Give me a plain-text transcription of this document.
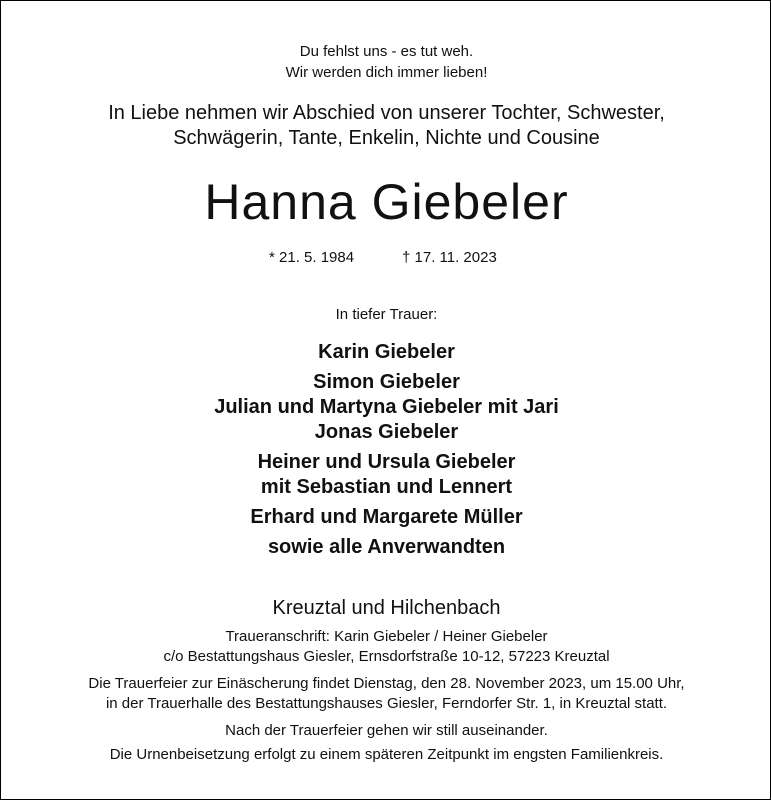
Du fehlst uns - es tut weh.
Wir werden dich immer lieben!
In Liebe nehmen wir Abschied von unserer Tochter, Schwester,
Schwägerin, Tante, Enkelin, Nichte und Cousine
Hanna Giebeler
* 21. 5. 1984	† 17. 11. 2023
In tiefer Trauer:
Karin Giebeler
Simon Giebeler
Julian und Martyna Giebeler mit Jari
Jonas Giebeler
Heiner und Ursula Giebeler
mit Sebastian und Lennert
Erhard und Margarete Müller
sowie alle Anverwandten
Kreuztal und Hilchenbach
Traueranschrift: Karin Giebeler / Heiner Giebeler
c/o Bestattungshaus Giesler, Ernsdorfstraße 10-12, 57223 Kreuztal
Die Trauerfeier zur Einäscherung findet Dienstag, den 28. November 2023, um 15.00 Uhr,
in der Trauerhalle des Bestattungshauses Giesler, Ferndorfer Str. 1, in Kreuztal statt.
Nach der Trauerfeier gehen wir still auseinander.
Die Urnenbeisetzung erfolgt zu einem späteren Zeitpunkt im engsten Familienkreis.
